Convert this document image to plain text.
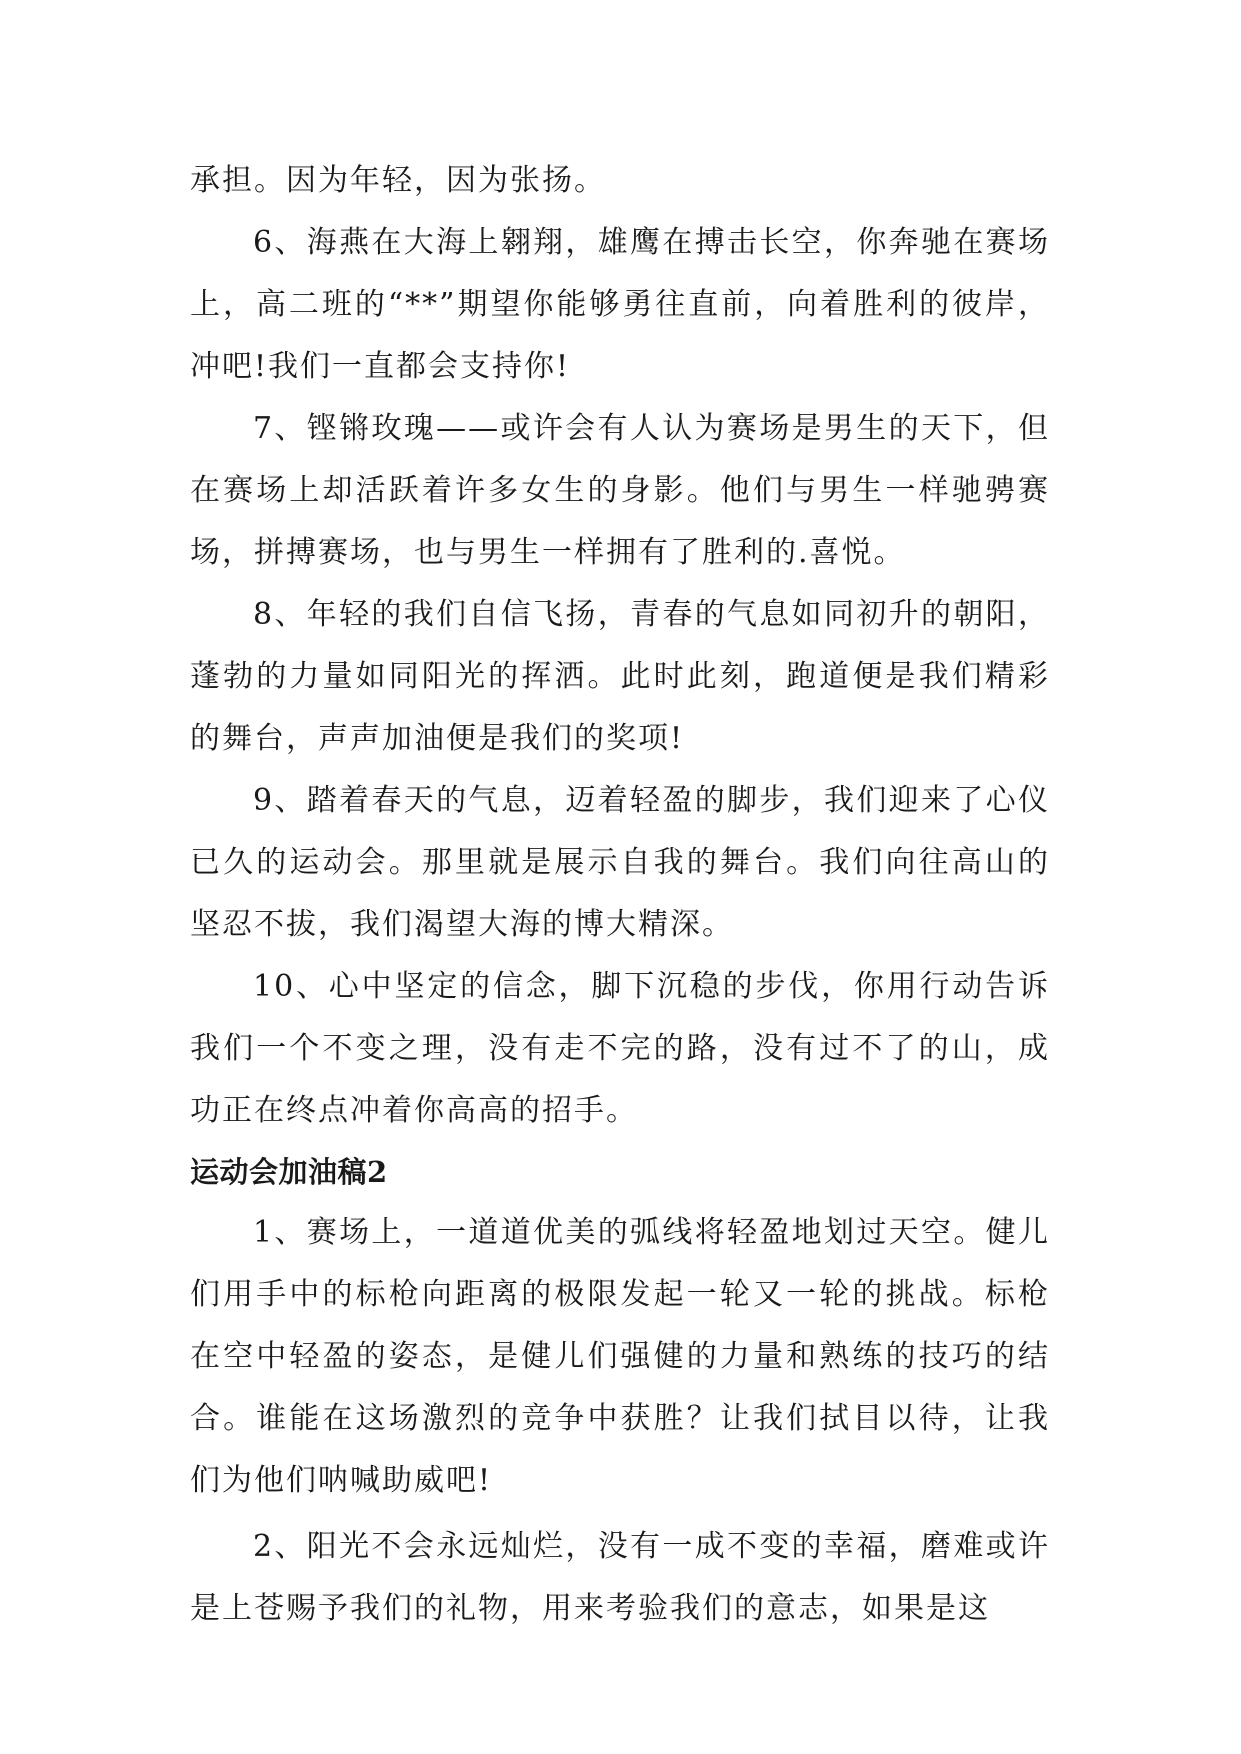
承担。因为年轻，因为张扬。

6、海燕在大海上翱翔，雄鹰在搏击长空，你奔驰在赛场上，高二班的“**”期望你能够勇往直前，向着胜利的彼岸，冲吧!我们一直都会支持你!

7、铿锵玫瑰——或许会有人认为赛场是男生的天下，但在赛场上却活跃着许多女生的身影。他们与男生一样驰骋赛场，拼搏赛场，也与男生一样拥有了胜利的.喜悦。

8、年轻的我们自信飞扬，青春的气息如同初升的朝阳，蓬勃的力量如同阳光的挥洒。此时此刻，跑道便是我们精彩的舞台，声声加油便是我们的奖项!

9、踏着春天的气息，迈着轻盈的脚步，我们迎来了心仪已久的运动会。那里就是展示自我的舞台。我们向往高山的坚忍不拔，我们渴望大海的博大精深。

10、心中坚定的信念，脚下沉稳的步伐，你用行动告诉我们一个不变之理，没有走不完的路，没有过不了的山，成功正在终点冲着你高高的招手。

运动会加油稿2

1、赛场上，一道道优美的弧线将轻盈地划过天空。健儿们用手中的标枪向距离的极限发起一轮又一轮的挑战。标枪在空中轻盈的姿态，是健儿们强健的力量和熟练的技巧的结合。谁能在这场激烈的竞争中获胜？让我们拭目以待，让我们为他们呐喊助威吧!

2、阳光不会永远灿烂，没有一成不变的幸福，磨难或许是上苍赐予我们的礼物，用来考验我们的意志，如果是这
